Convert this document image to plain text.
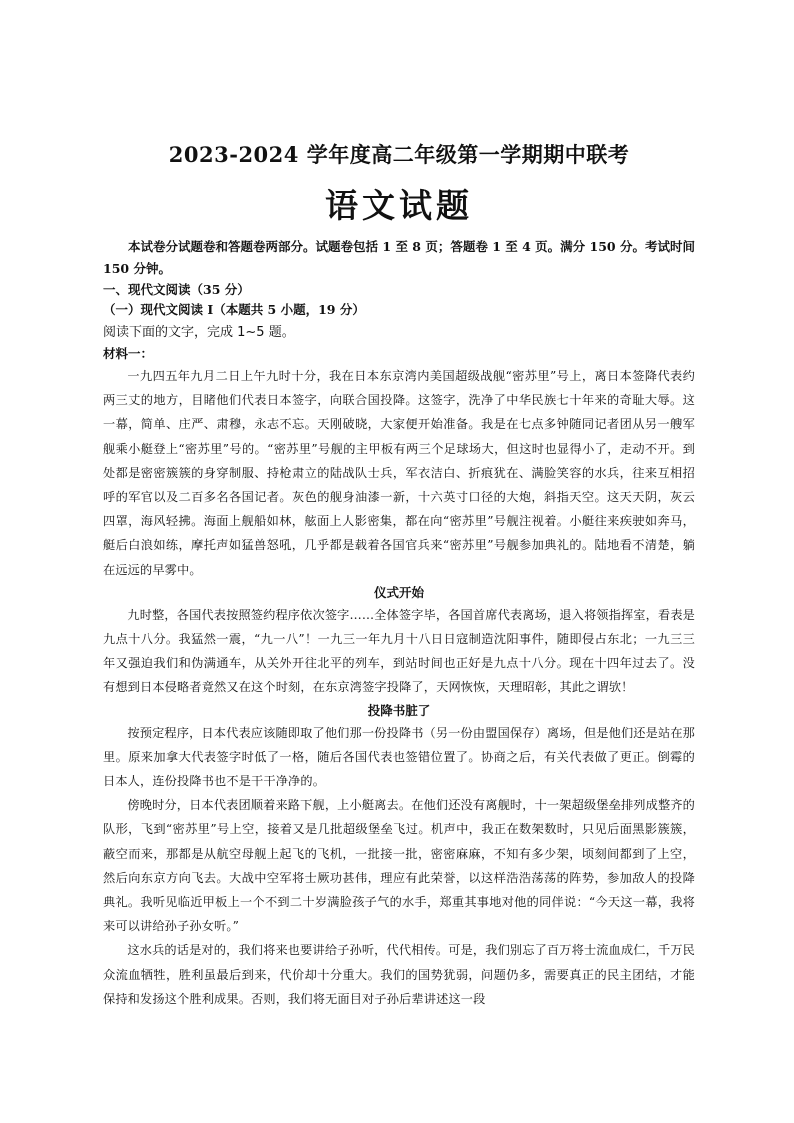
2023-2024 学年度高二年级第一学期期中联考
语文试题

本试卷分试题卷和答题卷两部分。试题卷包括 1 至 8 页；答题卷 1 至 4 页。满分 150 分。考试时间 150 分钟。

一、现代文阅读（35 分）

（一）现代文阅读 I（本题共 5 小题，19 分）

阅读下面的文字，完成 1~5 题。

材料一：

一九四五年九月二日上午九时十分，我在日本东京湾内美国超级战舰“密苏里”号上，离日本签降代表约两三丈的地方，目睹他们代表日本签字，向联合国投降。这签字，洗净了中华民族七十年来的奇耻大辱。这一幕，简单、庄严、肃穆，永志不忘。天刚破晓，大家便开始准备。我是在七点多钟随同记者团从另一艘军舰乘小艇登上“密苏里”号的。“密苏里”号舰的主甲板有两三个足球场大，但这时也显得小了，走动不开。到处都是密密簇簇的身穿制服、持枪肃立的陆战队士兵，军衣洁白、折痕犹在、满脸笑容的水兵，往来互相招呼的军官以及二百多名各国记者。灰色的舰身油漆一新，十六英寸口径的大炮，斜指天空。这天天阴，灰云四罩，海风轻拂。海面上舰船如林，舷面上人影密集，都在向“密苏里”号舰注视着。小艇往来疾驶如奔马，艇后白浪如练，摩托声如猛兽怒吼，几乎都是载着各国官兵来“密苏里”号舰参加典礼的。陆地看不清楚，躺在远远的早雾中。

仪式开始

九时整，各国代表按照签约程序依次签字……全体签字毕，各国首席代表离场，退入将领指挥室，看表是九点十八分。我猛然一震，“九一八”！一九三一年九月十八日日寇制造沈阳事件，随即侵占东北；一九三三年又强迫我们和伪满通车，从关外开往北平的列车，到站时间也正好是九点十八分。现在十四年过去了。没有想到日本侵略者竟然又在这个时刻，在东京湾签字投降了，天网恢恢，天理昭彰，其此之谓欤！

投降书脏了

按预定程序，日本代表应该随即取了他们那一份投降书（另一份由盟国保存）离场，但是他们还是站在那里。原来加拿大代表签字时低了一格，随后各国代表也签错位置了。协商之后，有关代表做了更正。倒霉的日本人，连份投降书也不是干干净净的。

傍晚时分，日本代表团顺着来路下舰，上小艇离去。在他们还没有离舰时，十一架超级堡垒排列成整齐的队形，飞到“密苏里”号上空，接着又是几批超级堡垒飞过。机声中，我正在数架数时，只见后面黑影簇簇，蔽空而来，那都是从航空母舰上起飞的飞机，一批接一批，密密麻麻，不知有多少架，顷刻间都到了上空，然后向东京方向飞去。大战中空军将士厥功甚伟，理应有此荣誉，以这样浩浩荡荡的阵势，参加敌人的投降典礼。我听见临近甲板上一个不到二十岁满脸孩子气的水手，郑重其事地对他的同伴说：“今天这一幕，我将来可以讲给孙子孙女听。”

这水兵的话是对的，我们将来也要讲给子孙听，代代相传。可是，我们别忘了百万将士流血成仁，千万民众流血牺牲，胜利虽最后到来，代价却十分重大。我们的国势犹弱，问题仍多，需要真正的民主团结，才能保持和发扬这个胜利成果。否则，我们将无面目对子孙后辈讲述这一段
